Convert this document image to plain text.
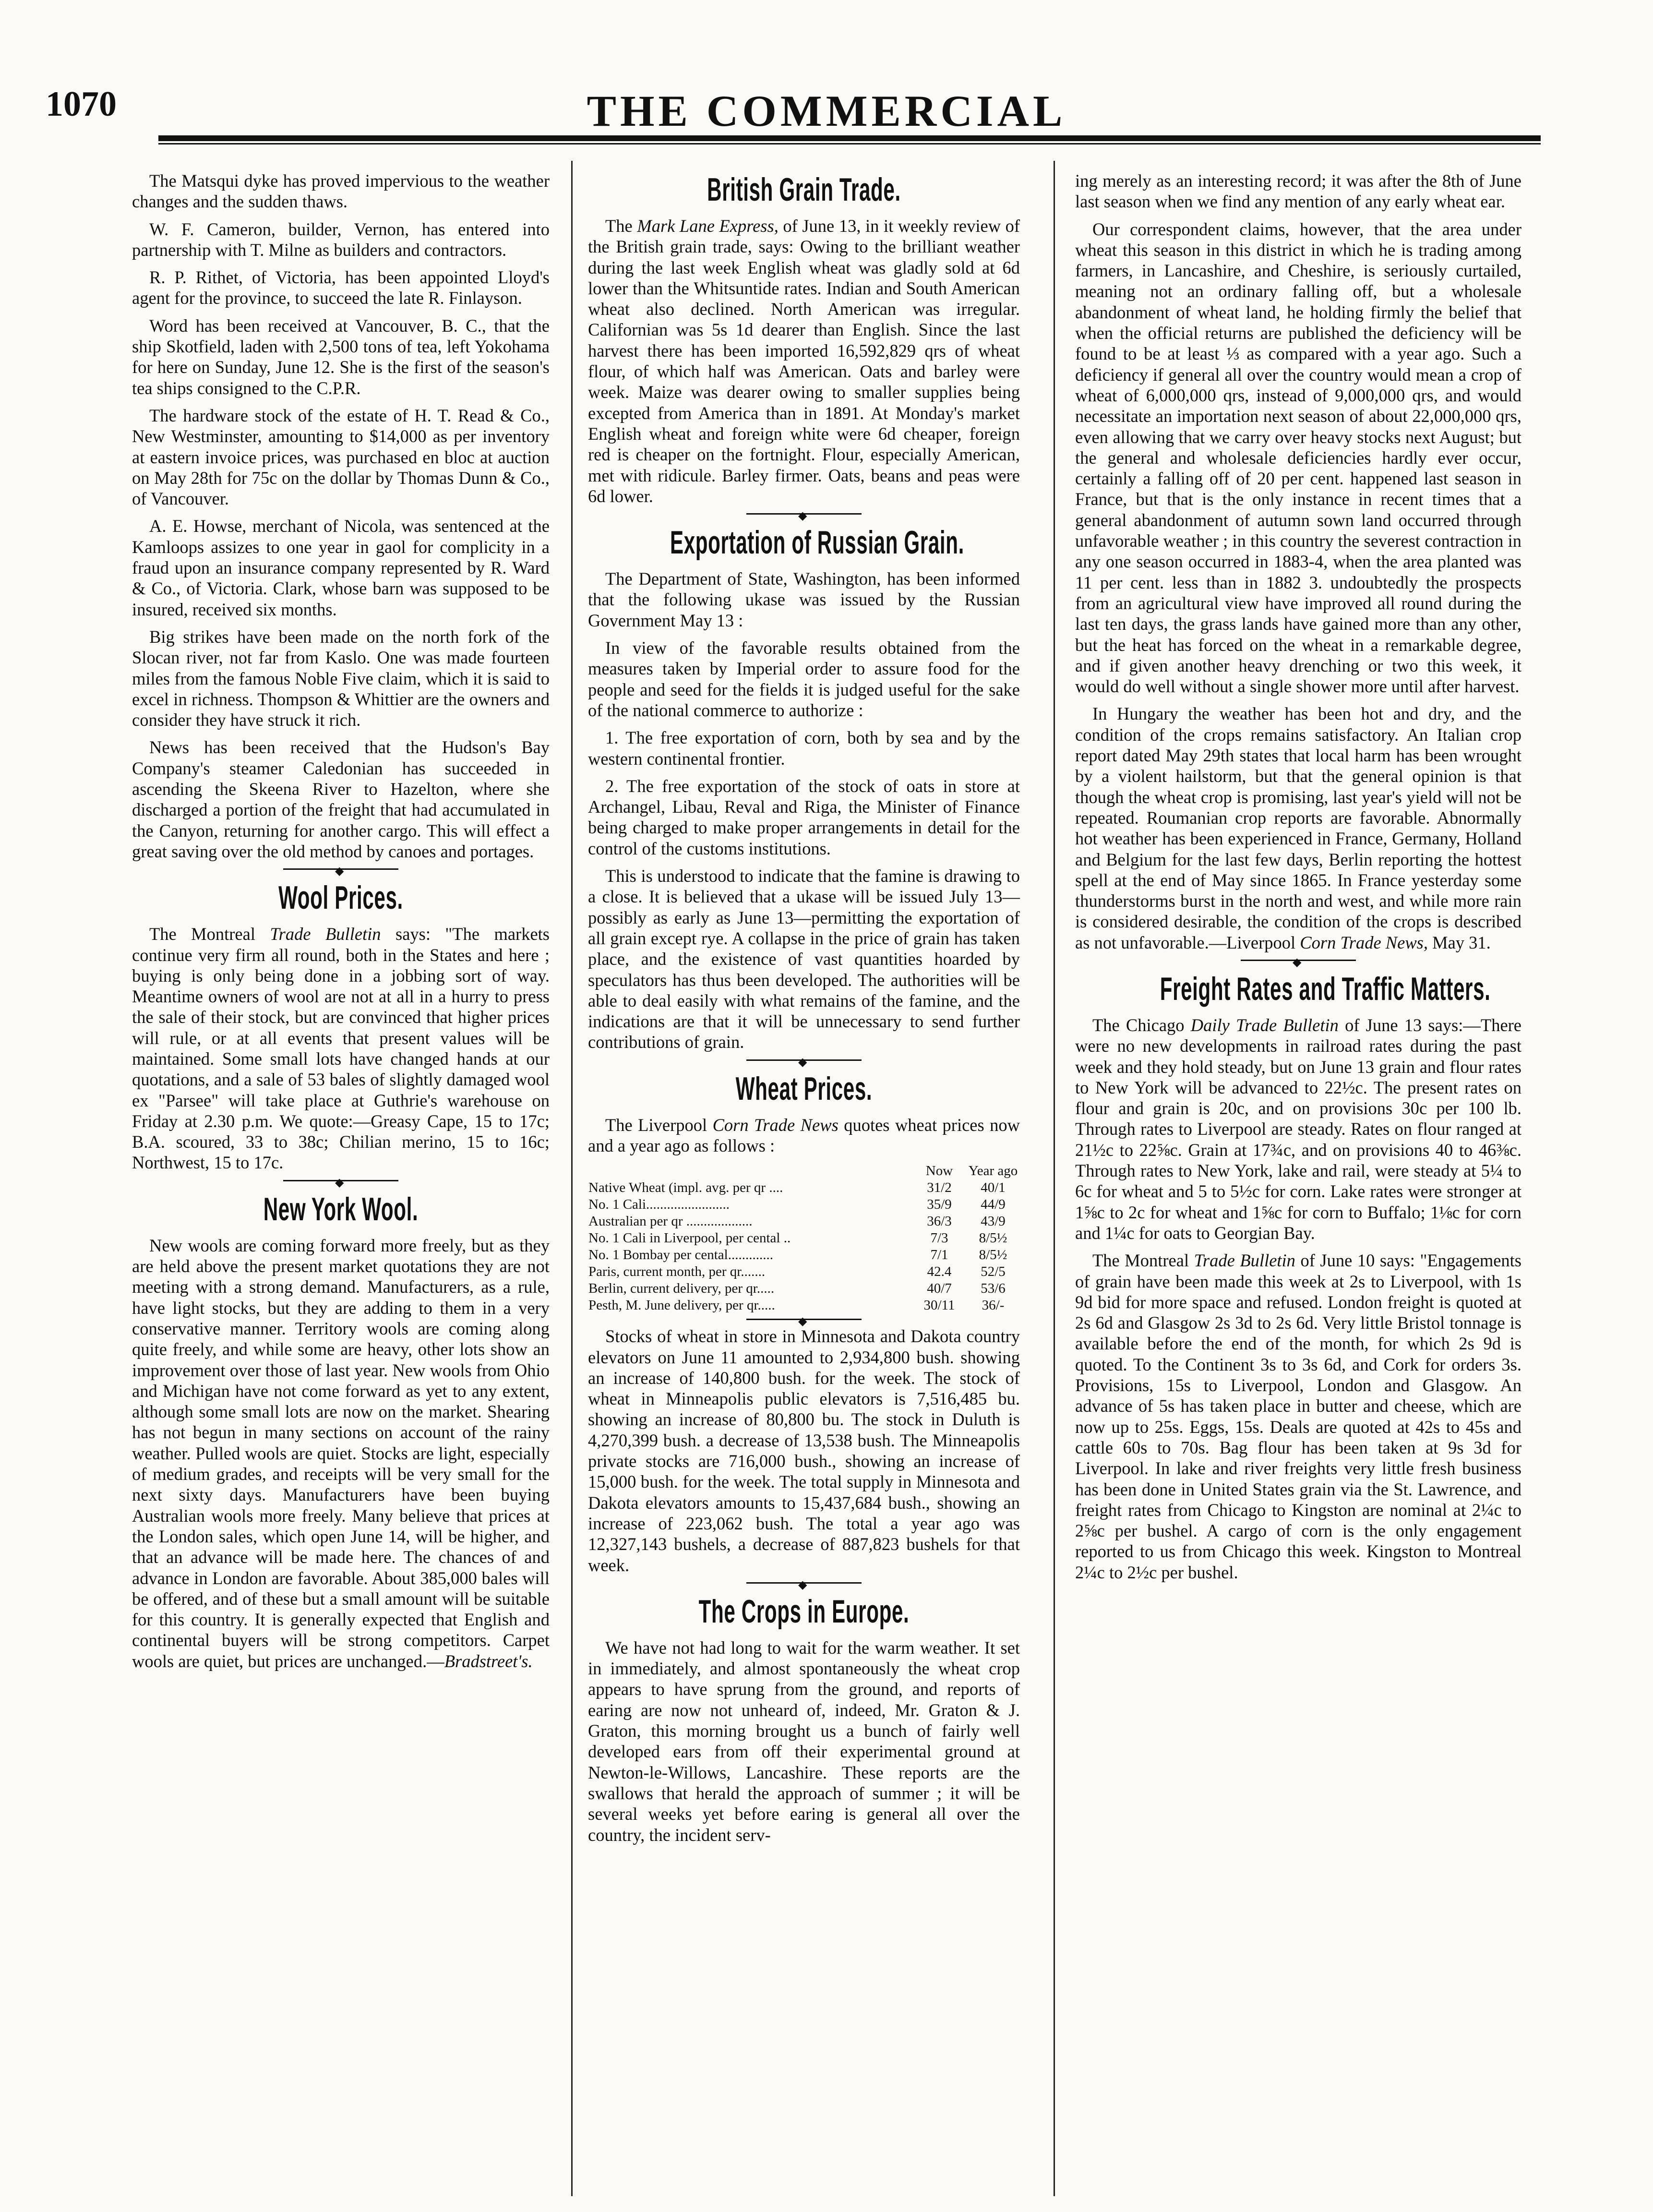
1070	THE COMMERCIAL

The Matsqui dyke has proved impervious to the weather changes and the sudden thaws.

W. F. Cameron, builder, Vernon, has entered into partnership with T. Milne as builders and contractors.

R. P. Rithet, of Victoria, has been appointed Lloyd's agent for the province, to succeed the late R. Finlayson.

Word has been received at Vancouver, B. C., that the ship Skotfield, laden with 2,500 tons of tea, left Yokohama for here on Sunday, June 12. She is the first of the season's tea ships consigned to the C.P.R.

The hardware stock of the estate of H. T. Read & Co., New Westminster, amounting to $14,000 as per inventory at eastern invoice prices, was purchased en bloc at auction on May 28th for 75c on the dollar by Thomas Dunn & Co., of Vancouver.

A. E. Howse, merchant of Nicola, was sentenced at the Kamloops assizes to one year in gaol for complicity in a fraud upon an insurance company represented by R. Ward & Co., of Victoria. Clark, whose barn was supposed to be insured, received six months.

Big strikes have been made on the north fork of the Slocan river, not far from Kaslo. One was made fourteen miles from the famous Noble Five claim, which it is said to excel in richness. Thompson & Whittier are the owners and consider they have struck it rich.

News has been received that the Hudson's Bay Company's steamer Caledonian has succeeded in ascending the Skeena River to Hazelton, where she discharged a portion of the freight that had accumulated in the Canyon, returning for another cargo. This will effect a great saving over the old method by canoes and portages.

◆
Wool Prices.

The Montreal Trade Bulletin says: "The markets continue very firm all round, both in the States and here ; buying is only being done in a jobbing sort of way. Meantime owners of wool are not at all in a hurry to press the sale of their stock, but are convinced that higher prices will rule, or at all events that present values will be maintained. Some small lots have changed hands at our quotations, and a sale of 53 bales of slightly damaged wool ex "Parsee" will take place at Guthrie's warehouse on Friday at 2.30 p.m. We quote:—Greasy Cape, 15 to 17c; B.A. scoured, 33 to 38c; Chilian merino, 15 to 16c; Northwest, 15 to 17c.

◆
New York Wool.

New wools are coming forward more freely, but as they are held above the present market quotations they are not meeting with a strong demand. Manufacturers, as a rule, have light stocks, but they are adding to them in a very conservative manner. Territory wools are coming along quite freely, and while some are heavy, other lots show an improvement over those of last year. New wools from Ohio and Michigan have not come forward as yet to any extent, although some small lots are now on the market. Shearing has not begun in many sections on account of the rainy weather. Pulled wools are quiet. Stocks are light, especially of medium grades, and receipts will be very small for the next sixty days. Manufacturers have been buying Australian wools more freely. Many believe that prices at the London sales, which open June 14, will be higher, and that an advance will be made here. The chances of and advance in London are favorable. About 385,000 bales will be offered, and of these but a small amount will be suitable for this country. It is generally expected that English and continental buyers will be strong competitors. Carpet wools are quiet, but prices are unchanged.—Bradstreet's.

British Grain Trade.

The Mark Lane Express, of June 13, in it weekly review of the British grain trade, says: Owing to the brilliant weather during the last week English wheat was gladly sold at 6d lower than the Whitsuntide rates. Indian and South American wheat also declined. North American was irregular. Californian was 5s 1d dearer than English. Since the last harvest there has been imported 16,592,829 qrs of wheat flour, of which half was American. Oats and barley were week. Maize was dearer owing to smaller supplies being excepted from America than in 1891. At Monday's market English wheat and foreign white were 6d cheaper, foreign red is cheaper on the fortnight. Flour, especially American, met with ridicule. Barley firmer. Oats, beans and peas were 6d lower.

◆
Exportation of Russian Grain.

The Department of State, Washington, has been informed that the following ukase was issued by the Russian Government May 13 :

In view of the favorable results obtained from the measures taken by Imperial order to assure food for the people and seed for the fields it is judged useful for the sake of the national commerce to authorize :

1. The free exportation of corn, both by sea and by the western continental frontier.

2. The free exportation of the stock of oats in store at Archangel, Libau, Reval and Riga, the Minister of Finance being charged to make proper arrangements in detail for the control of the customs institutions.

This is understood to indicate that the famine is drawing to a close. It is believed that a ukase will be issued July 13—possibly as early as June 13—permitting the exportation of all grain except rye. A collapse in the price of grain has taken place, and the existence of vast quantities hoarded by speculators has thus been developed. The authorities will be able to deal easily with what remains of the famine, and the indications are that it will be unnecessary to send further contributions of grain.

◆
Wheat Prices.

The Liverpool Corn Trade News quotes wheat prices now and a year ago as follows :

	Now	Year ago
Native Wheat (impl. avg. per qr ....	31/2	40/1
No. 1 Cali........................	35/9	44/9
Australian per qr ...................	36/3	43/9
No. 1 Cali in Liverpool, per cental ..	7/3	8/5½
No. 1 Bombay per cental.............	7/1	8/5½
Paris, current month, per qr.......	42.4	52/5
Berlin, current delivery, per qr.....	40/7	53/6
Pesth, M. June delivery, per qr.....	30/11	36/-
◆

Stocks of wheat in store in Minnesota and Dakota country elevators on June 11 amounted to 2,934,800 bush. showing an increase of 140,800 bush. for the week. The stock of wheat in Minneapolis public elevators is 7,516,485 bu. showing an increase of 80,800 bu. The stock in Duluth is 4,270,399 bush. a decrease of 13,538 bush. The Minneapolis private stocks are 716,000 bush., showing an increase of 15,000 bush. for the week. The total supply in Minnesota and Dakota elevators amounts to 15,437,684 bush., showing an increase of 223,062 bush. The total a year ago was 12,327,143 bushels, a decrease of 887,823 bushels for that week.

◆
The Crops in Europe.

We have not had long to wait for the warm weather. It set in immediately, and almost spontaneously the wheat crop appears to have sprung from the ground, and reports of earing are now not unheard of, indeed, Mr. Graton & J. Graton, this morning brought us a bunch of fairly well developed ears from off their experimental ground at Newton-le-Willows, Lancashire. These reports are the swallows that herald the approach of summer ; it will be several weeks yet before earing is general all over the country, the incident serv-

ing merely as an interesting record; it was after the 8th of June last season when we find any mention of any early wheat ear.

Our correspondent claims, however, that the area under wheat this season in this district in which he is trading among farmers, in Lancashire, and Cheshire, is seriously curtailed, meaning not an ordinary falling off, but a wholesale abandonment of wheat land, he holding firmly the belief that when the official returns are published the deficiency will be found to be at least ⅓ as compared with a year ago. Such a deficiency if general all over the country would mean a crop of wheat of 6,000,000 qrs, instead of 9,000,000 qrs, and would necessitate an importation next season of about 22,000,000 qrs, even allowing that we carry over heavy stocks next August; but the general and wholesale deficiencies hardly ever occur, certainly a falling off of 20 per cent. happened last season in France, but that is the only instance in recent times that a general abandonment of autumn sown land occurred through unfavorable weather ; in this country the severest contraction in any one season occurred in 1883-4, when the area planted was 11 per cent. less than in 1882 3. undoubtedly the prospects from an agricultural view have improved all round during the last ten days, the grass lands have gained more than any other, but the heat has forced on the wheat in a remarkable degree, and if given another heavy drenching or two this week, it would do well without a single shower more until after harvest.

In Hungary the weather has been hot and dry, and the condition of the crops remains satisfactory. An Italian crop report dated May 29th states that local harm has been wrought by a violent hailstorm, but that the general opinion is that though the wheat crop is promising, last year's yield will not be repeated. Roumanian crop reports are favorable. Abnormally hot weather has been experienced in France, Germany, Holland and Belgium for the last few days, Berlin reporting the hottest spell at the end of May since 1865. In France yesterday some thunderstorms burst in the north and west, and while more rain is considered desirable, the condition of the crops is described as not unfavorable.—Liverpool Corn Trade News, May 31.

◆
Freight Rates and Traffic Matters.

The Chicago Daily Trade Bulletin of June 13 says:—There were no new developments in railroad rates during the past week and they hold steady, but on June 13 grain and flour rates to New York will be advanced to 22½c. The present rates on flour and grain is 20c, and on provisions 30c per 100 lb. Through rates to Liverpool are steady. Rates on flour ranged at 21½c to 22⅝c. Grain at 17¾c, and on provisions 40 to 46⅜c. Through rates to New York, lake and rail, were steady at 5¼ to 6c for wheat and 5 to 5½c for corn. Lake rates were stronger at 1⅝c to 2c for wheat and 1⅝c for corn to Buffalo; 1⅛c for corn and 1¼c for oats to Georgian Bay.

The Montreal Trade Bulletin of June 10 says: "Engagements of grain have been made this week at 2s to Liverpool, with 1s 9d bid for more space and refused. London freight is quoted at 2s 6d and Glasgow 2s 3d to 2s 6d. Very little Bristol tonnage is available before the end of the month, for which 2s 9d is quoted. To the Continent 3s to 3s 6d, and Cork for orders 3s. Provisions, 15s to Liverpool, London and Glasgow. An advance of 5s has taken place in butter and cheese, which are now up to 25s. Eggs, 15s. Deals are quoted at 42s to 45s and cattle 60s to 70s. Bag flour has been taken at 9s 3d for Liverpool. In lake and river freights very little fresh business has been done in United States grain via the St. Lawrence, and freight rates from Chicago to Kingston are nominal at 2¼c to 2⅝c per bushel. A cargo of corn is the only engagement reported to us from Chicago this week. Kingston to Montreal 2¼c to 2½c per bushel.
